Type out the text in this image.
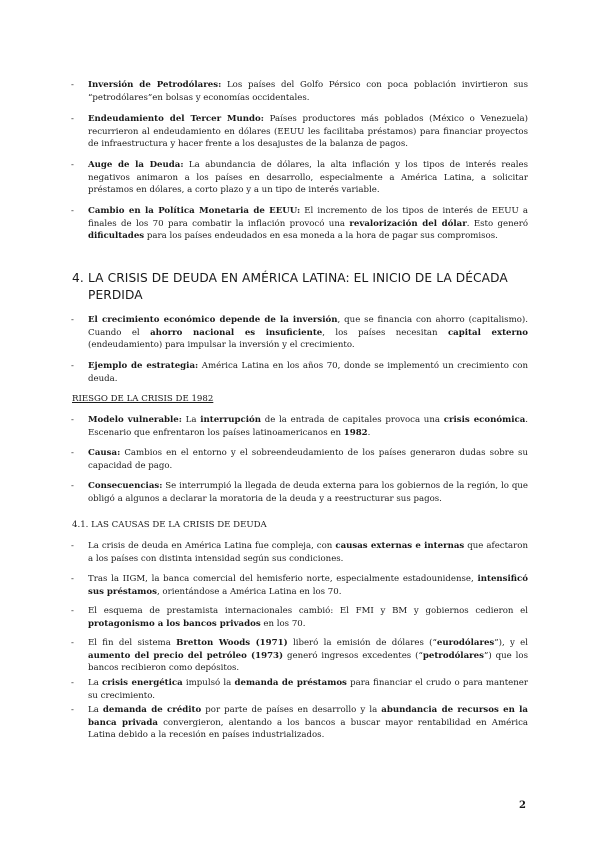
- Inversión de Petrodólares: Los países del Golfo Pérsico con poca población invirtieron sus “petrodólares”en bolsas y economías occidentales.

- Endeudamiento del Tercer Mundo: Países productores más poblados (México o Venezuela) recurrieron al endeudamiento en dólares (EEUU les facilitaba préstamos) para financiar proyectos de infraestructura y hacer frente a los desajustes de la balanza de pagos.

- Auge de la Deuda: La abundancia de dólares, la alta inflación y los tipos de interés reales negativos animaron a los países en desarrollo, especialmente a América Latina, a solicitar préstamos en dólares, a corto plazo y a un tipo de interés variable.

- Cambio en la Política Monetaria de EEUU: El incremento de los tipos de interés de EEUU a finales de los 70 para combatir la inflación provocó una revalorización del dólar. Esto generó dificultades para los países endeudados en esa moneda a la hora de pagar sus compromisos.

4. LA CRISIS DE DEUDA EN AMÉRICA LATINA: EL INICIO DE LA DÉCADA PERDIDA

- El crecimiento económico depende de la inversión, que se financia con ahorro (capitalismo). Cuando el ahorro nacional es insuficiente, los países necesitan capital externo (endeudamiento) para impulsar la inversión y el crecimiento.

- Ejemplo de estrategia: América Latina en los años 70, donde se implementó un crecimiento con deuda.

RIESGO DE LA CRISIS DE 1982

- Modelo vulnerable: La interrupción de la entrada de capitales provoca una crisis económica. Escenario que enfrentaron los países latinoamericanos en 1982.

- Causa: Cambios en el entorno y el sobreendeudamiento de los países generaron dudas sobre su capacidad de pago.

- Consecuencias: Se interrumpió la llegada de deuda externa para los gobiernos de la región, lo que obligó a algunos a declarar la moratoria de la deuda y a reestructurar sus pagos.

4.1. LAS CAUSAS DE LA CRISIS DE DEUDA

- La crisis de deuda en América Latina fue compleja, con causas externas e internas que afectaron a los países con distinta intensidad según sus condiciones.

- Tras la IIGM, la banca comercial del hemisferio norte, especialmente estadounidense, intensificó sus préstamos, orientándose a América Latina en los 70.

- El esquema de prestamista internacionales cambió: El FMI y BM y gobiernos cedieron el protagonismo a los bancos privados en los 70.

- El fin del sistema Bretton Woods (1971) liberó la emisión de dólares (“eurodólares”), y el aumento del precio del petróleo (1973) generó ingresos excedentes (“petrodólares”) que los bancos recibieron como depósitos.

- La crisis energética impulsó la demanda de préstamos para financiar el crudo o para mantener su crecimiento.

- La demanda de crédito por parte de países en desarrollo y la abundancia de recursos en la banca privada convergieron, alentando a los bancos a buscar mayor rentabilidad en América Latina debido a la recesión en países industrializados.

2
